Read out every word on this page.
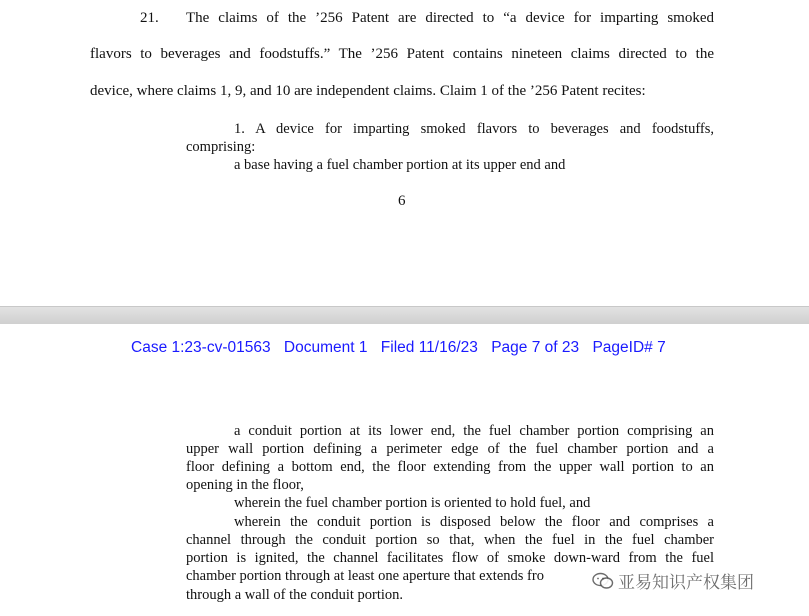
21. The claims of the ’256 Patent are directed to “a device for imparting smoked
flavors to beverages and foodstuffs.” The ’256 Patent contains nineteen claims directed to the
device, where claims 1, 9, and 10 are independent claims. Claim 1 of the ’256 Patent recites:
1. A device for imparting smoked flavors to beverages and foodstuffs,
comprising:
a base having a fuel chamber portion at its upper end and
6
Case 1:23-cv-01563 Document 1 Filed 11/16/23 Page 7 of 23 PageID# 7
a conduit portion at its lower end, the fuel chamber portion comprising an
upper wall portion defining a perimeter edge of the fuel chamber portion and a
floor defining a bottom end, the floor extending from the upper wall portion to an
opening in the floor,
wherein the fuel chamber portion is oriented to hold fuel, and
wherein the conduit portion is disposed below the floor and comprises a
channel through the conduit portion so that, when the fuel in the fuel chamber
portion is ignited, the channel facilitates flow of smoke down-ward from the fuel
chamber portion through at least one aperture that extends fro
through a wall of the conduit portion.
亚易知识产权集团
